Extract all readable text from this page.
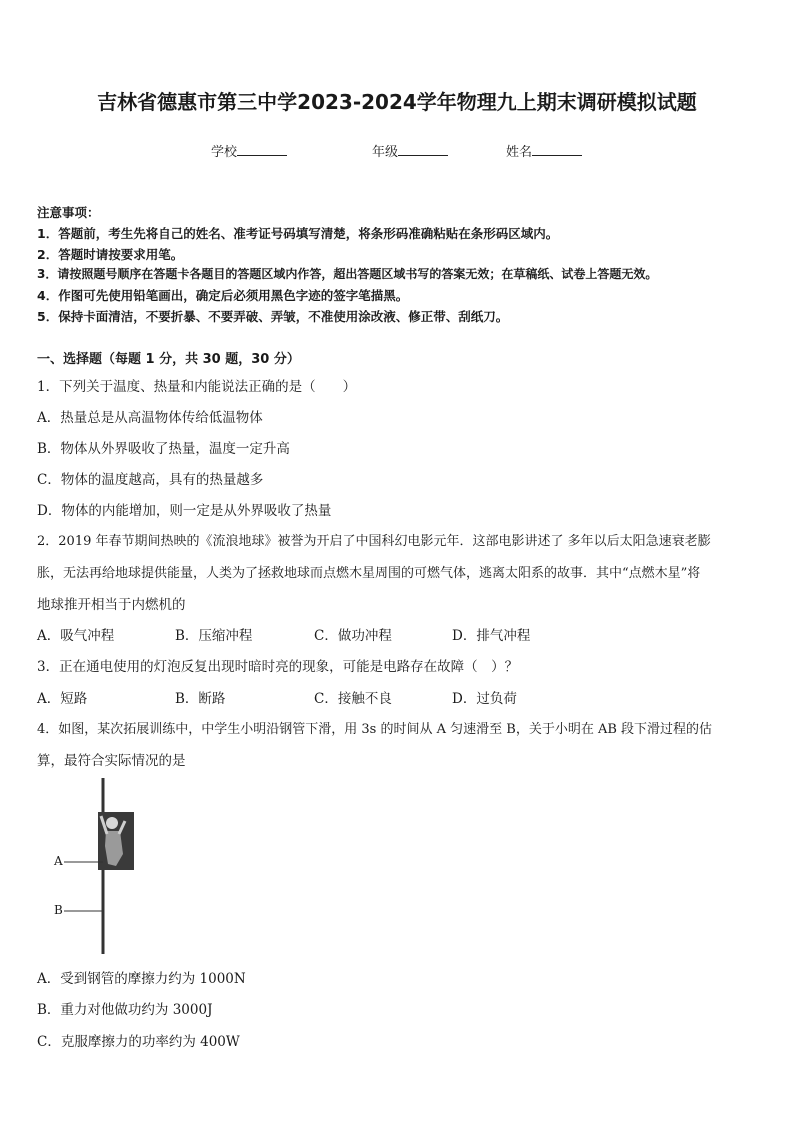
吉林省德惠市第三中学2023-2024学年物理九上期末调研模拟试题
学校	年级	姓名
注意事项：
1．答题前，考生先将自己的姓名、准考证号码填写清楚，将条形码准确粘贴在条形码区域内。
2．答题时请按要求用笔。
3．请按照题号顺序在答题卡各题目的答题区域内作答，超出答题区域书写的答案无效；在草稿纸、试卷上答题无效。
4．作图可先使用铅笔画出，确定后必须用黑色字迹的签字笔描黑。
5．保持卡面清洁，不要折暴、不要弄破、弄皱，不准使用涂改液、修正带、刮纸刀。
一、选择题（每题 1 分，共 30 题，30 分）
1．下列关于温度、热量和内能说法正确的是（　　）
A．热量总是从高温物体传给低温物体
B．物体从外界吸收了热量，温度一定升高
C．物体的温度越高，具有的热量越多
D．物体的内能增加，则一定是从外界吸收了热量
2．2019 年春节期间热映的《流浪地球》被誉为开启了中国科幻电影元年．这部电影讲述了 多年以后太阳急速衰老膨
胀，无法再给地球提供能量，人类为了拯救地球而点燃木星周围的可燃气体，逃离太阳系的故事．其中“点燃木星”将
地球推开相当于内燃机的
A．吸气冲程	B．压缩冲程	C．做功冲程	D．排气冲程
3．正在通电使用的灯泡反复出现时暗时亮的现象，可能是电路存在故障（　）？
A．短路	B．断路	C．接触不良	D．过负荷
4．如图，某次拓展训练中，中学生小明沿钢管下滑，用 3s 的时间从 A 匀速滑至 B，关于小明在 AB 段下滑过程的估
算，最符合实际情况的是
A
B
A．受到钢管的摩擦力约为 1000N
B．重力对他做功约为 3000J
C．克服摩擦力的功率约为 400W
